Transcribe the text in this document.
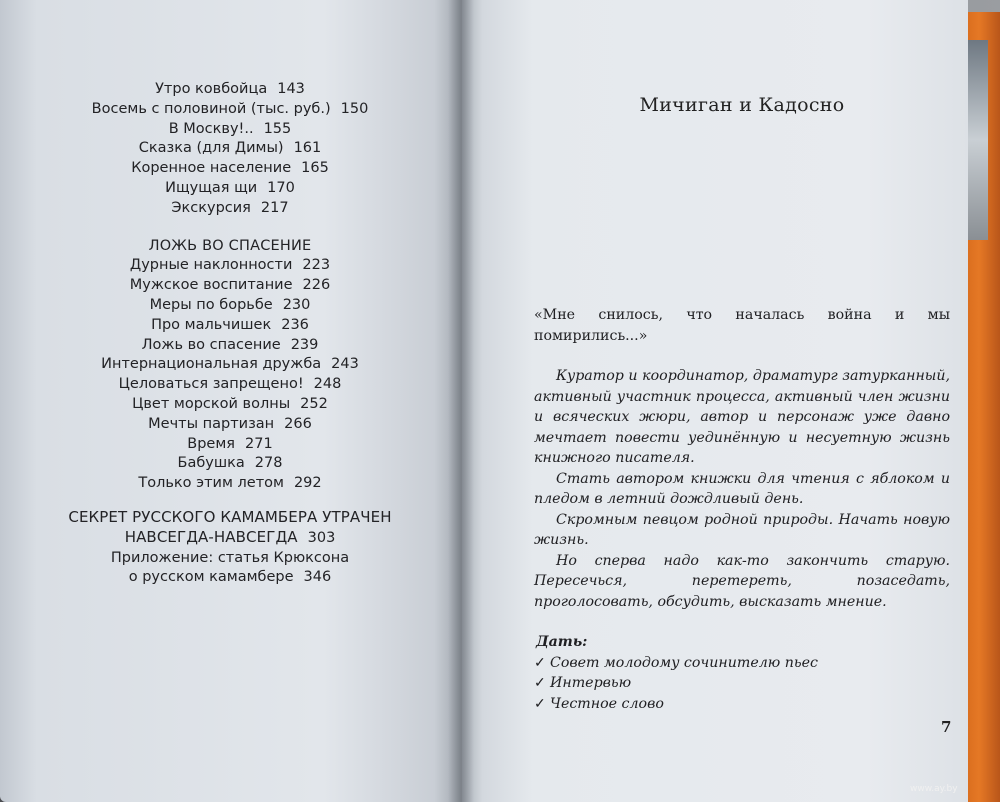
Утро ковбойца 143
Восемь с половиной (тыс. руб.) 150
В Москву!.. 155
Сказка (для Димы) 161
Коренное население 165
Ищущая щи 170
Экскурсия 217
ЛОЖЬ ВО СПАСЕНИЕ
Дурные наклонности 223
Мужское воспитание 226
Меры по борьбе 230
Про мальчишек 236
Ложь во спасение 239
Интернациональная дружба 243
Целоваться запрещено! 248
Цвет морской волны 252
Мечты партизан 266
Время 271
Бабушка 278
Только этим летом 292
СЕКРЕТ РУССКОГО КАМАМБЕРА УТРАЧЕН
НАВСЕГДА-НАВСЕГДА 303
Приложение: статья Крюксона
о русском камамбере 346
Мичиган и Кадосно

«Мне снилось, что началась война и мы помирились...»

Куратор и координатор, драматург затурканный, активный участник процесса, активный член жизни и всяческих жюри, автор и персонаж уже давно мечтает повести уединённую и несуетную жизнь книжного писателя.

Стать автором книжки для чтения с яблоком и пледом в летний дождливый день.

Скромным певцом родной природы. Начать новую жизнь.

Но сперва надо как-то закончить старую. Пересечься, перетереть, позаседать, проголосовать, обсудить, высказать мнение.

Дать:

✓ Совет молодому сочинителю пьес

✓ Интервью

✓ Честное слово

7
www.ay.by
